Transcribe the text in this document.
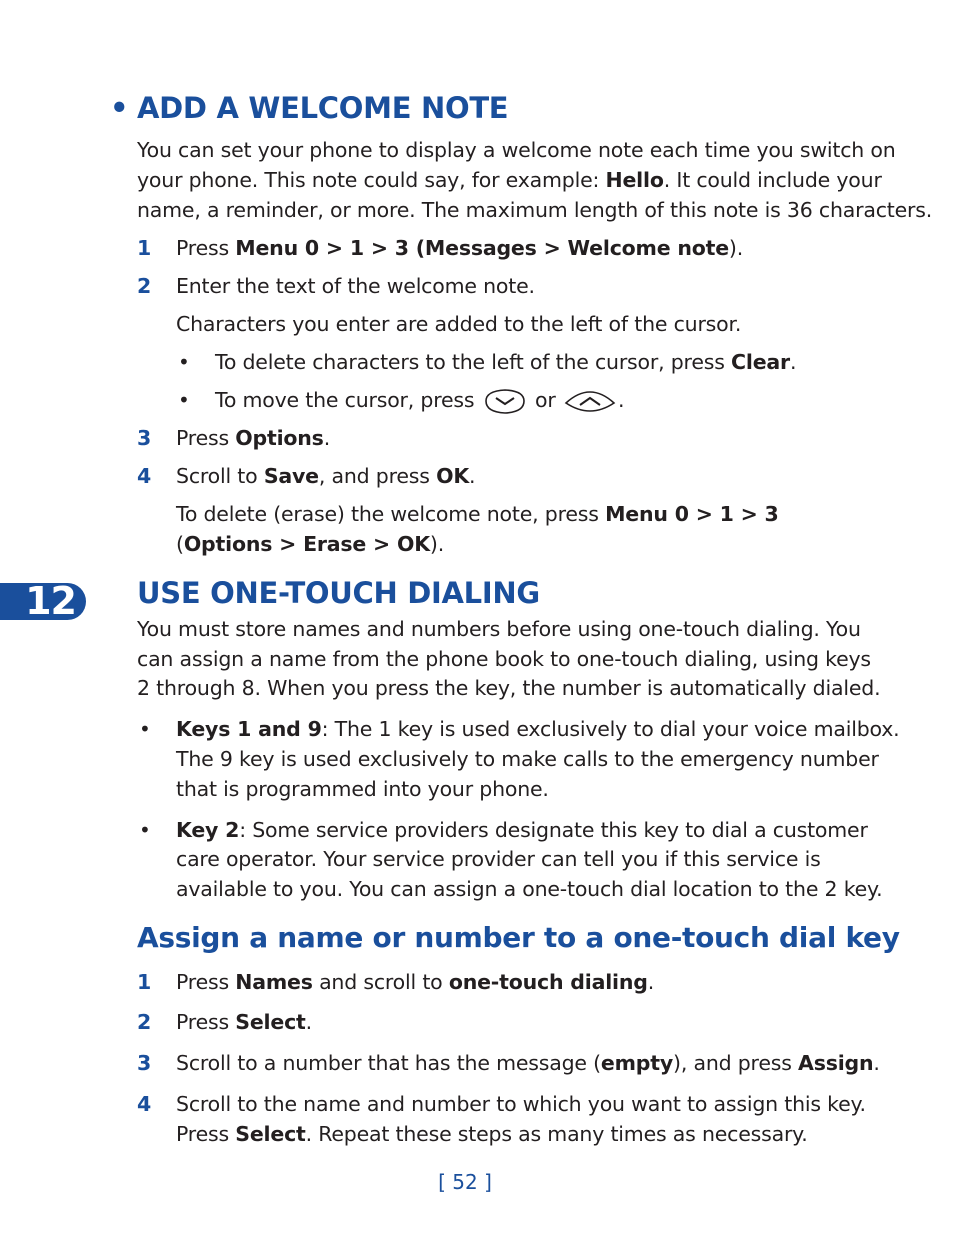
• ADD A WELCOME NOTE
You can set your phone to display a welcome note each time you switch on
your phone. This note could say, for example: Hello. It could include your
name, a reminder, or more. The maximum length of this note is 36 characters.
1 Press Menu 0 > 1 > 3 (Messages > Welcome note).
2 Enter the text of the welcome note.
Characters you enter are added to the left of the cursor.
• To delete characters to the left of the cursor, press Clear.
• To move the cursor, press	or	.
3 Press Options.
4 Scroll to Save, and press OK.
To delete (erase) the welcome note, press Menu 0 > 1 > 3
(Options > Erase > OK).
12 USE ONE-TOUCH DIALING
You must store names and numbers before using one-touch dialing. You
can assign a name from the phone book to one-touch dialing, using keys
2 through 8. When you press the key, the number is automatically dialed.
• Keys 1 and 9: The 1 key is used exclusively to dial your voice mailbox.
The 9 key is used exclusively to make calls to the emergency number
that is programmed into your phone.
• Key 2: Some service providers designate this key to dial a customer
care operator. Your service provider can tell you if this service is
available to you. You can assign a one-touch dial location to the 2 key.
Assign a name or number to a one-touch dial key
1 Press Names and scroll to one-touch dialing.
2 Press Select.
3 Scroll to a number that has the message (empty), and press Assign.
4 Scroll to the name and number to which you want to assign this key.
Press Select. Repeat these steps as many times as necessary.
[ 52 ]
